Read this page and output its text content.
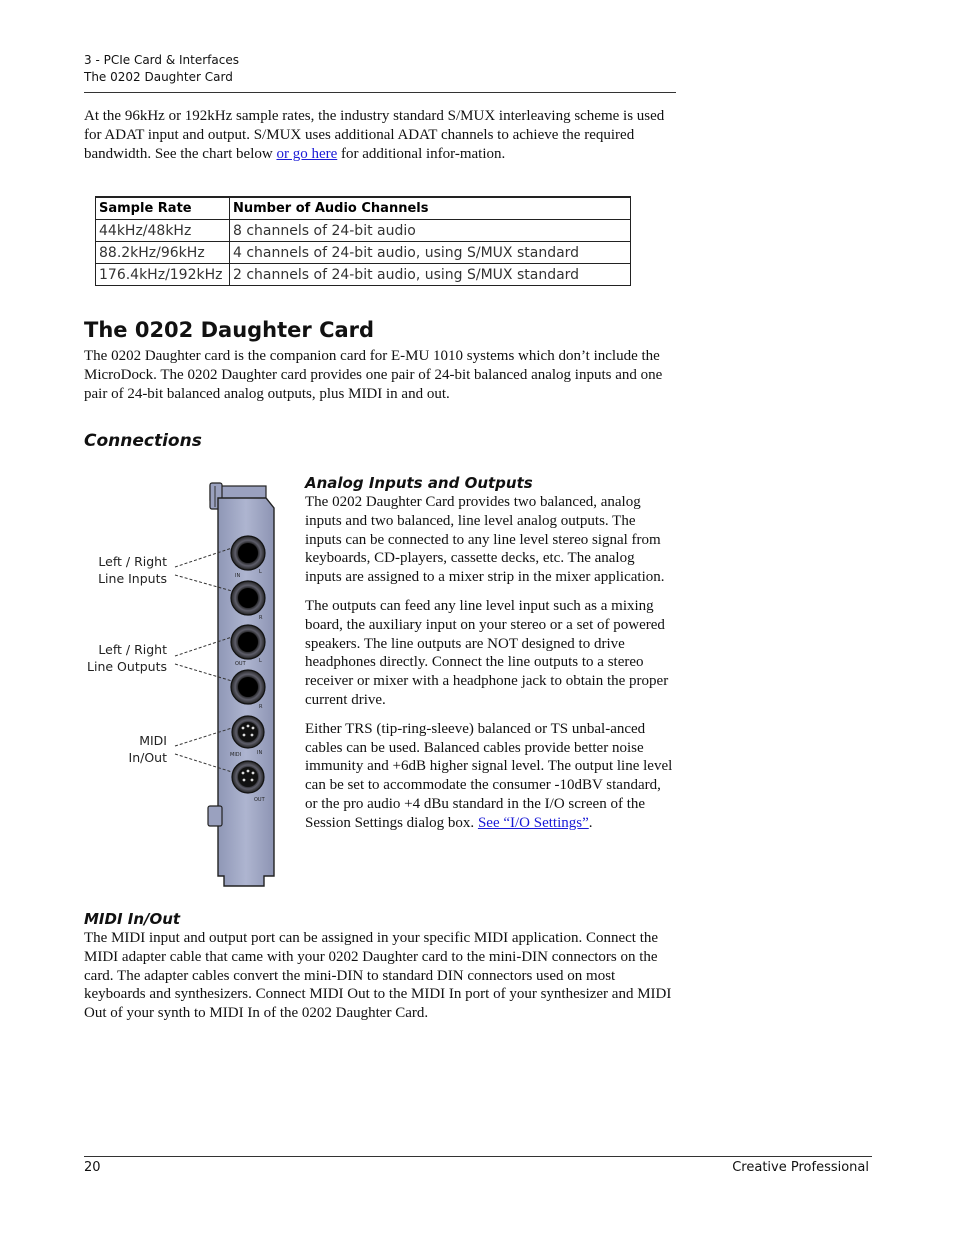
3 - PCIe Card & Interfaces
The 0202 Daughter Card

At the 96kHz or 192kHz sample rates, the industry standard S/MUX interleaving scheme is used for ADAT input and output. S/MUX uses additional ADAT channels to achieve the required bandwidth. See the chart below or go here for additional infor-mation.

Sample Rate	Number of Audio Channels
44kHz/48kHz	8 channels of 24-bit audio
88.2kHz/96kHz	4 channels of 24-bit audio, using S/MUX standard
176.4kHz/192kHz	2 channels of 24-bit audio, using S/MUX standard
The 0202 Daughter Card

The 0202 Daughter card is the companion card for E-MU 1010 systems which don’t include the MicroDock. The 0202 Daughter card provides one pair of 24-bit balanced analog inputs and one pair of 24-bit balanced analog outputs, plus MIDI in and out.

Connections
Left / Right
Line Inputs
Left / Right
Line Outputs
MIDI
In/Out
IN
L
R
OUT	L
R
MIDI	IN
OUT
Analog Inputs and Outputs

The 0202 Daughter Card provides two balanced, analog inputs and two balanced, line level analog outputs. The inputs can be connected to any line level stereo signal from keyboards, CD-players, cassette decks, etc. The analog inputs are assigned to a mixer strip in the mixer application.

The outputs can feed any line level input such as a mixing board, the auxiliary input on your stereo or a set of powered speakers. The line outputs are NOT designed to drive headphones directly. Connect the line outputs to a stereo receiver or mixer with a headphone jack to obtain the proper current drive.

Either TRS (tip-ring-sleeve) balanced or TS unbal-anced cables can be used. Balanced cables provide better noise immunity and +6dB higher signal level. The output line level can be set to accommodate the consumer -10dBV standard, or the pro audio +4 dBu standard in the I/O screen of the Session Settings dialog box. See “I/O Settings”.

MIDI In/Out

The MIDI input and output port can be assigned in your specific MIDI application. Connect the MIDI adapter cable that came with your 0202 Daughter card to the mini-DIN connectors on the card. The adapter cables convert the mini-DIN to standard DIN connectors used on most keyboards and synthesizers. Connect MIDI Out to the MIDI In port of your synthesizer and MIDI Out of your synth to MIDI In of the 0202 Daughter Card.

20	Creative Professional
